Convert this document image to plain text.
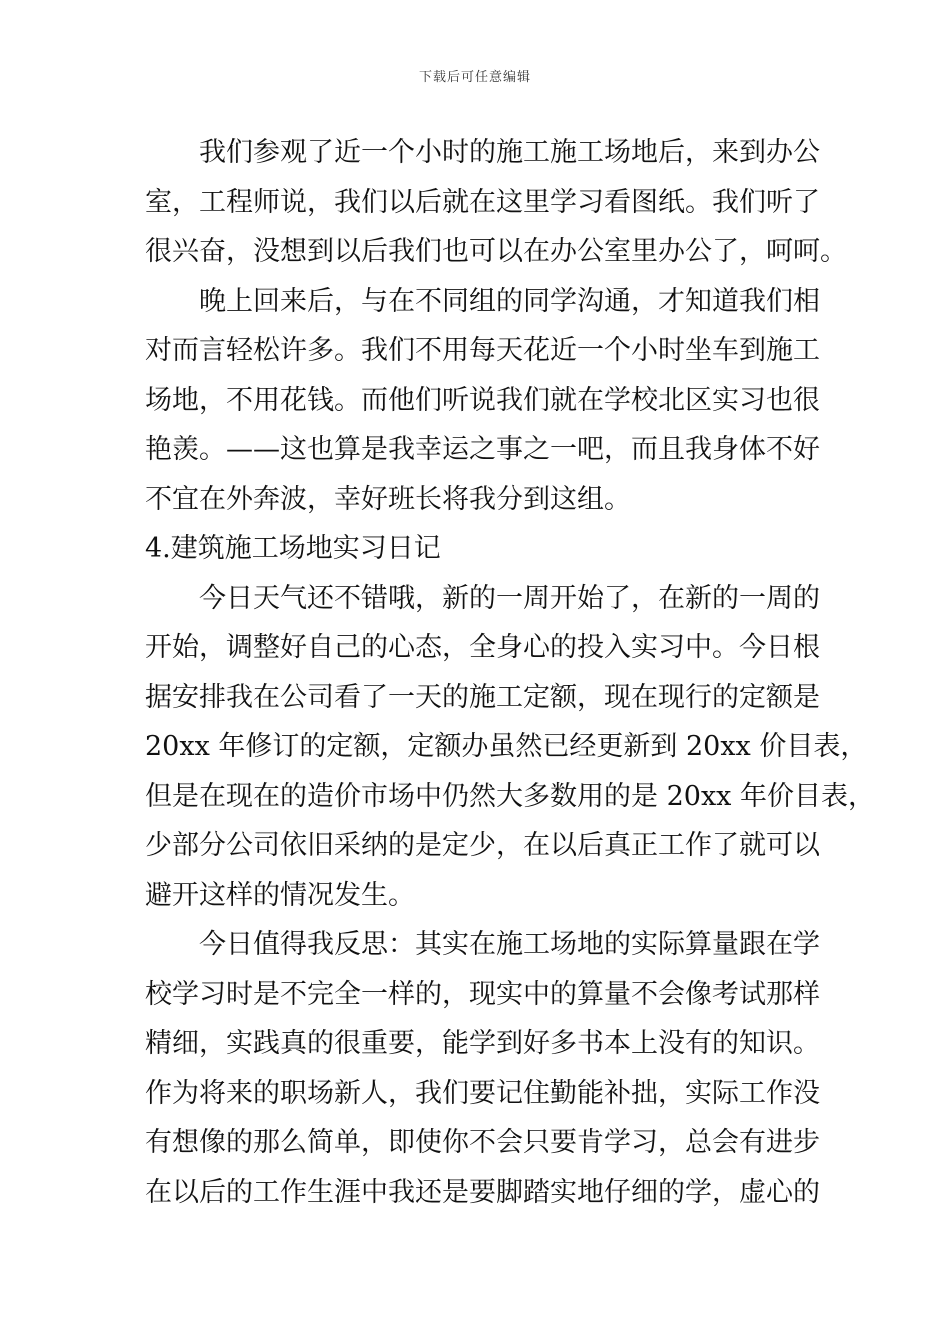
下载后可任意编辑
我们参观了近一个小时的施工施工场地后，来到办公
室，工程师说，我们以后就在这里学习看图纸。我们听了
很兴奋，没想到以后我们也可以在办公室里办公了，呵呵。
晚上回来后，与在不同组的同学沟通，才知道我们相
对而言轻松许多。我们不用每天花近一个小时坐车到施工
场地，不用花钱。而他们听说我们就在学校北区实习也很
艳羡。——这也算是我幸运之事之一吧，而且我身体不好
不宜在外奔波，幸好班长将我分到这组。
4.建筑施工场地实习日记
今日天气还不错哦，新的一周开始了，在新的一周的
开始，调整好自己的心态，全身心的投入实习中。今日根
据安排我在公司看了一天的施工定额，现在现行的定额是
20xx 年修订的定额，定额办虽然已经更新到 20xx 价目表，
但是在现在的造价市场中仍然大多数用的是 20xx 年价目表，
少部分公司依旧采纳的是定少，在以后真正工作了就可以
避开这样的情况发生。
今日值得我反思：其实在施工场地的实际算量跟在学
校学习时是不完全一样的，现实中的算量不会像考试那样
精细，实践真的很重要，能学到好多书本上没有的知识。
作为将来的职场新人，我们要记住勤能补拙，实际工作没
有想像的那么简单，即使你不会只要肯学习，总会有进步
在以后的工作生涯中我还是要脚踏实地仔细的学，虚心的
